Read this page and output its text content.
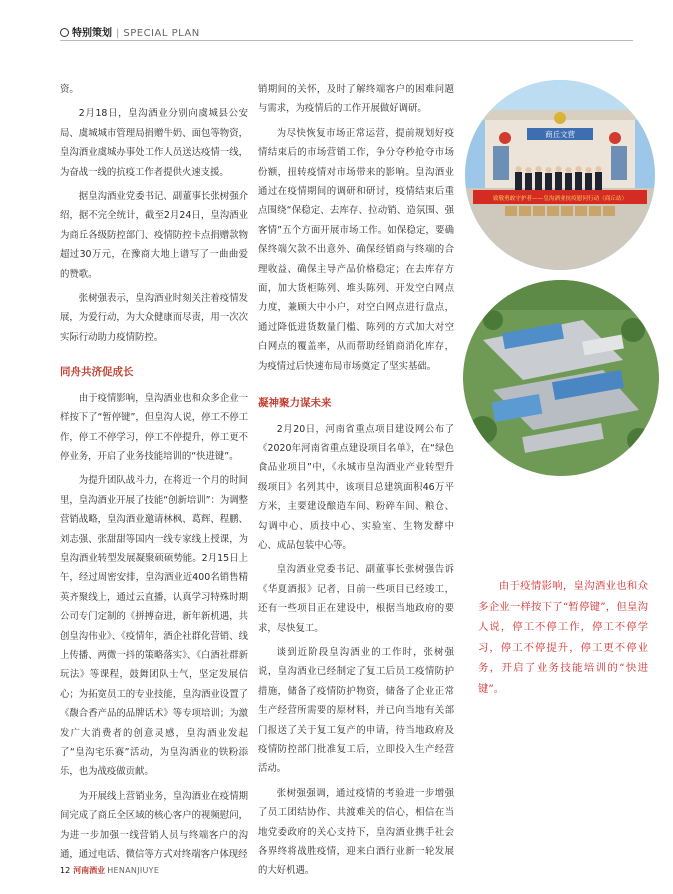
特别策划 | SPECIAL PLAN

资。

2月18日，皇沟酒业分别向虞城县公安局、虞城城市管理局捐赠牛奶、面包等物资，皇沟酒业虞城办事处工作人员送达疫情一线，为奋战一线的抗疫工作者提供火速支援。

据皇沟酒业党委书记、副董事长张树强介绍，据不完全统计，截至2月24日，皇沟酒业为商丘各级防控部门、疫情防控卡点捐赠款物超过30万元，在豫商大地上谱写了一曲曲爱的赞歌。

张树强表示，皇沟酒业时刻关注着疫情发展，为爱行动，为大众健康而尽责，用一次次实际行动助力疫情防控。

同舟共济促成长

由于疫情影响，皇沟酒业也和众多企业一样按下了“暂停键”，但皇沟人说，停工不停工作，停工不停学习，停工不停提升，停工更不停业务，开启了业务技能培训的“快进键”。

为提升团队战斗力，在将近一个月的时间里，皇沟酒业开展了技能“创新培训”：为调整营销战略，皇沟酒业邀请林枫、葛辉、程鹏、刘志强、张甜甜等国内一线专家线上授课，为皇沟酒业转型发展凝聚硕硕势能。2月15日上午，经过周密安排，皇沟酒业近400名销售精英齐聚线上，通过云直播，认真学习特殊时期公司专门定制的《拼搏奋进，新年新机遇，共创皇沟伟业》、《疫情年，酒企社群化营销、线上传播、两微一抖的策略落实》、《白酒社群新玩法》等课程，鼓舞团队士气，坚定发展信心；为拓宽员工的专业技能，皇沟酒业设置了《馥合香产品的品牌话术》等专项培训；为激发广大消费者的创意灵感，皇沟酒业发起了“皇沟宅乐赛”活动，为皇沟酒业的铁粉添乐，也为战疫做贡献。

为开展线上营销业务，皇沟酒业在疫情期间完成了商丘全区域的核心客户的视频慰问，为进一步加强一线营销人员与终端客户的沟通，通过电话、微信等方式对终端客户体现经

销期间的关怀，及时了解终端客户的困难问题与需求，为疫情后的工作开展做好调研。

为尽快恢复市场正常运营，提前规划好疫情结束后的市场营销工作，争分夺秒抢夺市场份额，扭转疫情对市场带来的影响。皇沟酒业通过在疫情期间的调研和研讨，疫情结束后重点围绕“保稳定、去库存、拉动销、造氛围、强客情”五个方面开展市场工作。如保稳定，要确保终端欠款不出意外、确保经销商与终端的合理收益、确保主导产品价格稳定；在去库存方面，加大货柜陈列、堆头陈列、开发空白网点力度，兼顾大中小户，对空白网点进行盘点，通过降低进货数量门槛、陈列的方式加大对空白网点的覆盖率，从而帮助经销商消化库存，为疫情过后快速布局市场奠定了坚实基础。

凝神聚力谋未来

2月20日，河南省重点项目建设网公布了《2020年河南省重点建设项目名单》，在“绿色食品业项目”中，《永城市皇沟酒业产业转型升级项目》名列其中，该项目总建筑面积46万平方米，主要建设酿造车间、粉碎车间、粮仓、勾调中心、质技中心、实验室、生物发酵中心、成品包装中心等。

皇沟酒业党委书记、副董事长张树强告诉《华夏酒报》记者，目前一些项目已经竣工，还有一些项目正在建设中，根据当地政府的要求，尽快复工。

谈到近阶段皇沟酒业的工作时，张树强说，皇沟酒业已经制定了复工后员工疫情防护措施，储备了疫情防护物资，储备了企业正常生产经营所需要的原材料，并已向当地有关部门报送了关于复工复产的申请，待当地政府及疫情防控部门批准复工后，立即投入生产经营活动。

张树强强调，通过疫情的考验进一步增强了员工团结协作、共渡难关的信心，相信在当地党委政府的关心支持下，皇沟酒业携手社会各界终将战胜疫情，迎来白酒行业新一轮发展的大好机遇。

商丘文营
致敬勇敢守护者——皇沟酒业抗疫慰问行动（商丘站）
由于疫情影响，皇沟酒业也和众多企业一样按下了“暂停键”，但皇沟人说，停工不停工作，停工不停学习，停工不停提升，停工更不停业务，开启了业务技能培训的“快进键”。
12 河南酒业 HENANJIUYE
